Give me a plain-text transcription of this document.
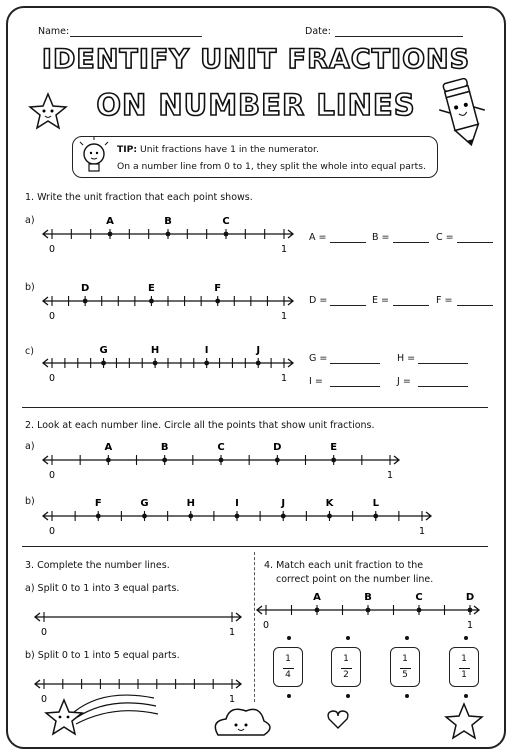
Name:	Date:
IDENTIFY UNIT FRACTIONS
ON NUMBER LINES
0	1
A	B	C
0	1
D	E	F
0	1
G	H	I	J
0	1
A	B	C	D	E
0	1
F	G	H	I	J	K	L
0	1
0	1
0	1
A	B	C	D
TIP: Unit fractions have 1 in the numerator.
On a number line from 0 to 1, they split the whole into equal parts.
1. Write the unit fraction that each point shows.
a)
b)
c)
A =	B =	C =
D =	E =	F =
G =	H =
I =	J =
2. Look at each number line. Circle all the points that show unit fractions.
a)
b)
3. Complete the number lines.
a) Split 0 to 1 into 3 equal parts.
b) Split 0 to 1 into 5 equal parts.
4. Match each unit fraction to the
correct point on the number line.
1
4
1
2
1
5
1
1
